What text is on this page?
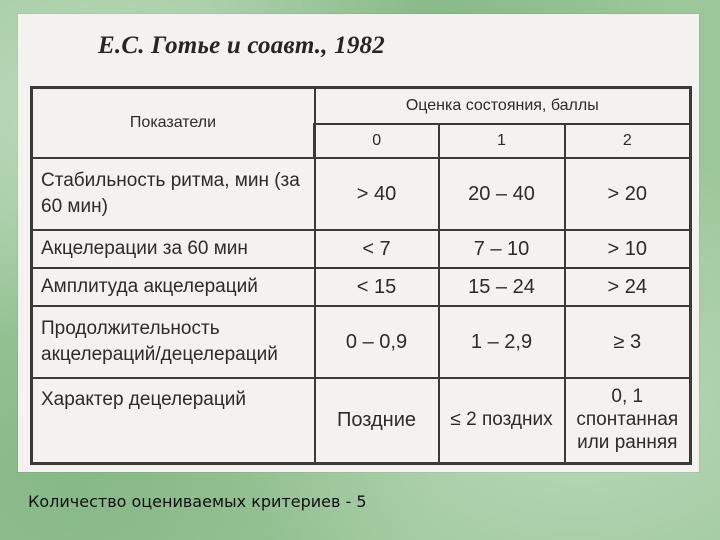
Е.С. Готье и соавт., 1982
Показатели	Оценка состояния, баллы		
	0	1	2
Стабильность ритма, мин (за 60 мин)	> 40	20 – 40	> 20
Акцелерации за 60 мин	< 7	7 – 10	> 10
Амплитуда акцелераций	< 15	15 – 24	> 24
Продолжительность акцелераций/децелераций	0 – 0,9	1 – 2,9	≥ 3
Характер децелераций	Поздние	≤ 2 поздних	0, 1 спонтанная или ранняя
Количество оцениваемых критериев - 5
